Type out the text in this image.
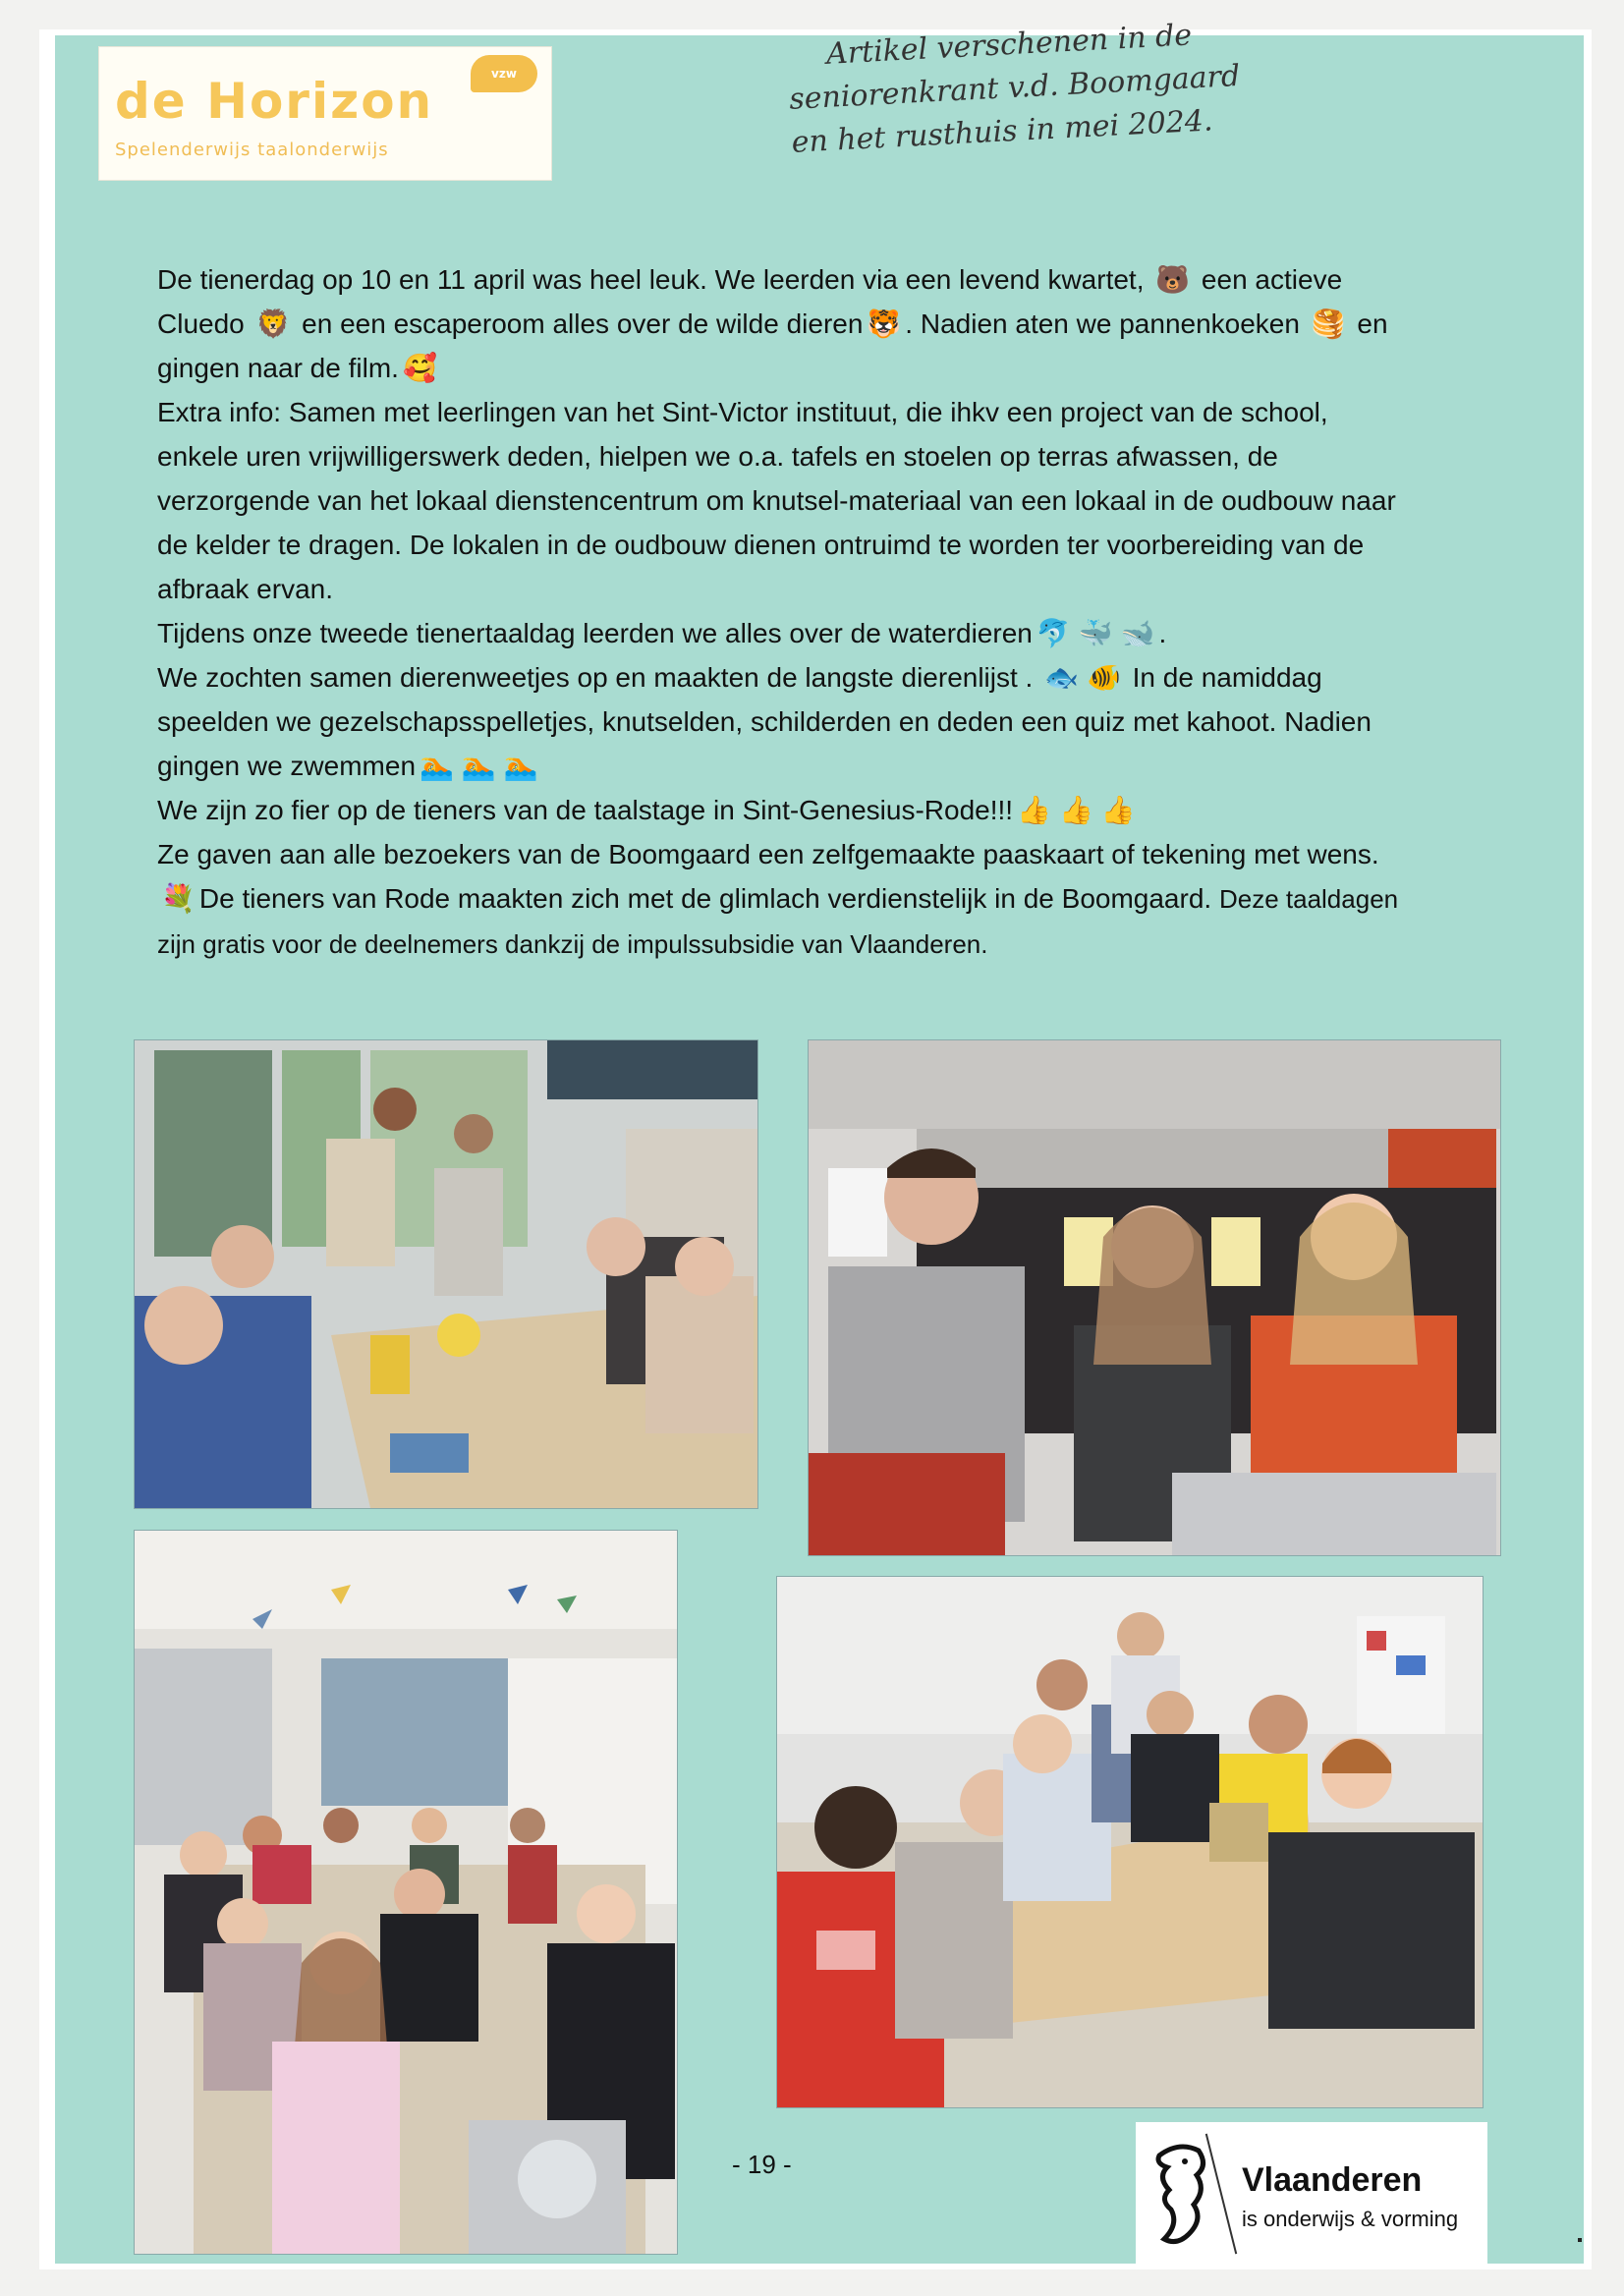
de Horizon	vzw
Spelenderwijs taalonderwijs
Artikel verschenen in de
seniorenkrant v.d. Boomgaard
en het rusthuis in mei 2024.

De tienerdag op 10 en 11 april was heel leuk. We leerden via een levend kwartet, 🐻 een actieve Cluedo 🦁 en een escaperoom alles over de wilde dieren 🐯 . Nadien aten we pannenkoeken 🥞 en gingen naar de film. 🥰

Extra info: Samen met leerlingen van het Sint-Victor instituut, die ihkv een project van de school, enkele uren vrijwilligerswerk deden, hielpen we o.a. tafels en stoelen op terras afwassen, de verzorgende van het lokaal dienstencentrum om knutsel-materiaal van een lokaal in de oudbouw naar de kelder te dragen. De lokalen in de oudbouw dienen ontruimd te worden ter voorbereiding van de afbraak ervan.

Tijdens onze tweede tienertaaldag leerden we alles over de waterdieren 🐬 🐳 🐋 .

We zochten samen dierenweetjes op en maakten de langste dierenlijst . 🐟 🐠 In de namiddag speelden we gezelschapsspelletjes, knutselden, schilderden en deden een quiz met kahoot. Nadien gingen we zwemmen 🏊 🏊 🏊

We zijn zo fier op de tieners van de taalstage in Sint-Genesius-Rode!!! 👍 👍 👍

Ze gaven aan alle bezoekers van de Boomgaard een zelfgemaakte paaskaart of tekening met wens.💐 De tieners van Rode maakten zich met de glimlach verdienstelijk in de Boomgaard. Deze taaldagen zijn gratis voor de deelnemers dankzij de impulssubsidie van Vlaanderen.

- 19 -	Vlaanderen
is onderwijs & vorming
